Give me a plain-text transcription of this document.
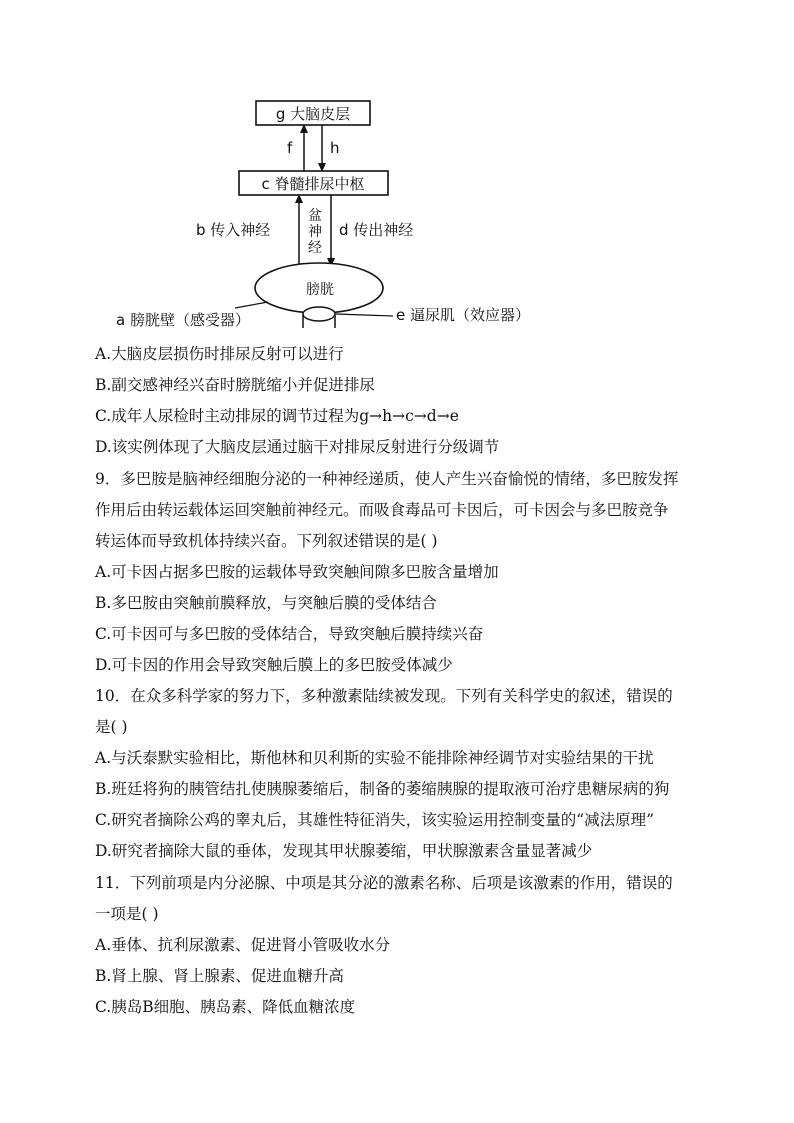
g 大脑皮层
c 脊髓排尿中枢
f	h
b 传入神经	d 传出神经
盆
神
经
膀胱
a 膀胱壁（感受器）	e 逼尿肌（效应器）

A.大脑皮层损伤时排尿反射可以进行

B.副交感神经兴奋时膀胱缩小并促进排尿

C.成年人尿检时主动排尿的调节过程为g→h→c→d→e

D.该实例体现了大脑皮层通过脑干对排尿反射进行分级调节

9．多巴胺是脑神经细胞分泌的一种神经递质，使人产生兴奋愉悦的情绪，多巴胺发挥

作用后由转运载体运回突触前神经元。而吸食毒品可卡因后，可卡因会与多巴胺竞争

转运体而导致机体持续兴奋。下列叙述错误的是( )

A.可卡因占据多巴胺的运载体导致突触间隙多巴胺含量增加

B.多巴胺由突触前膜释放，与突触后膜的受体结合

C.可卡因可与多巴胺的受体结合，导致突触后膜持续兴奋

D.可卡因的作用会导致突触后膜上的多巴胺受体减少

10．在众多科学家的努力下，多种激素陆续被发现。下列有关科学史的叙述，错误的

是( )

A.与沃泰默实验相比，斯他林和贝利斯的实验不能排除神经调节对实验结果的干扰

B.班廷将狗的胰管结扎使胰腺萎缩后，制备的萎缩胰腺的提取液可治疗患糖尿病的狗

C.研究者摘除公鸡的睾丸后，其雄性特征消失，该实验运用控制变量的“减法原理”

D.研究者摘除大鼠的垂体，发现其甲状腺萎缩，甲状腺激素含量显著减少

11．下列前项是内分泌腺、中项是其分泌的激素名称、后项是该激素的作用，错误的

一项是( )

A.垂体、抗利尿激素、促进肾小管吸收水分

B.肾上腺、肾上腺素、促进血糖升高

C.胰岛B细胞、胰岛素、降低血糖浓度
